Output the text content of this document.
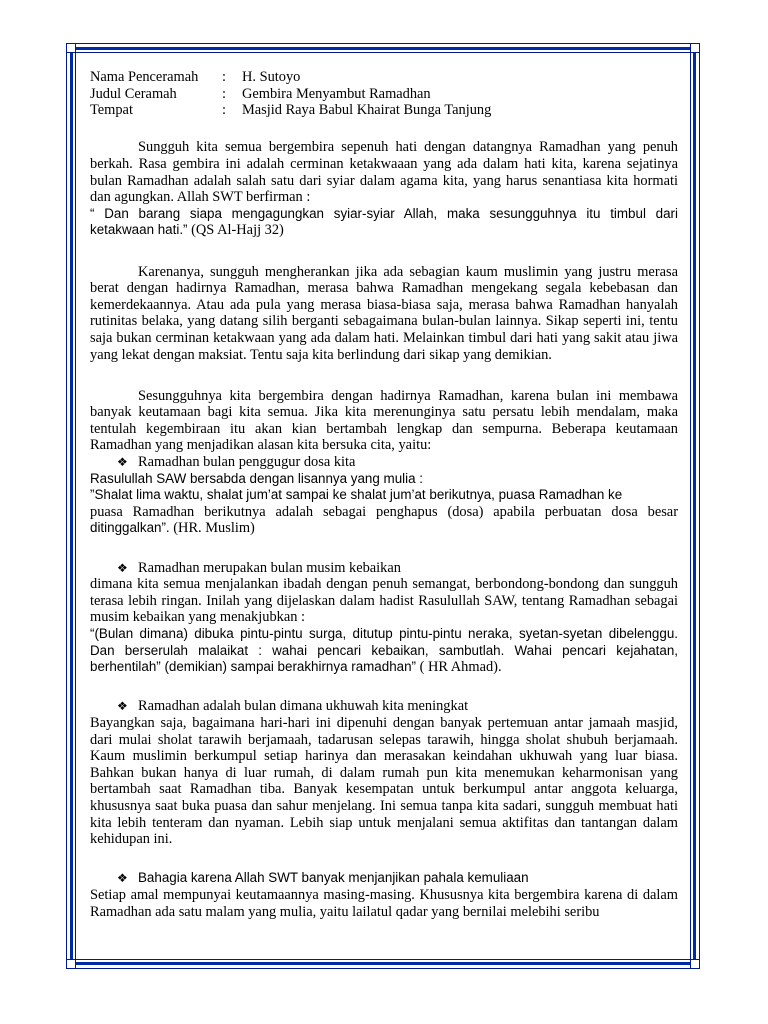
Nama Penceramah	:	H. Sutoyo
Judul Ceramah	:	Gembira Menyambut Ramadhan
Tempat	:	Masjid Raya Babul Khairat Bunga Tanjung

Sungguh kita semua bergembira sepenuh hati dengan datangnya Ramadhan yang penuh berkah. Rasa gembira ini adalah cerminan ketakwaaan yang ada dalam hati kita, karena sejatinya bulan Ramadhan adalah salah satu dari syiar dalam agama kita, yang harus senantiasa kita hormati dan agungkan. Allah SWT berfirman :

“ Dan barang siapa mengagungkan syiar-syiar Allah, maka sesungguhnya itu timbul dari ketakwaan hati.” (QS Al-Hajj 32)

Karenanya, sungguh mengherankan jika ada sebagian kaum muslimin yang justru merasa berat dengan hadirnya Ramadhan, merasa bahwa Ramadhan mengekang segala kebebasan dan kemerdekaannya. Atau ada pula yang merasa biasa-biasa saja, merasa bahwa Ramadhan hanyalah rutinitas belaka, yang datang silih berganti sebagaimana bulan-bulan lainnya. Sikap seperti ini, tentu saja bukan cerminan ketakwaan yang ada dalam hati. Melainkan timbul dari hati yang sakit atau jiwa yang lekat dengan maksiat. Tentu saja kita berlindung dari sikap yang demikian.

Sesungguhnya kita bergembira dengan hadirnya Ramadhan, karena bulan ini membawa banyak keutamaan bagi kita semua. Jika kita merenunginya satu persatu lebih mendalam, maka tentulah kegembiraan itu akan kian bertambah lengkap dan sempurna. Beberapa keutamaan Ramadhan yang menjadikan alasan kita bersuka cita, yaitu:

❖ Ramadhan bulan penggugur dosa kita

Rasulullah SAW bersabda dengan lisannya yang mulia :

”Shalat lima waktu, shalat jum’at sampai ke shalat jum’at berikutnya, puasa Ramadhan ke

puasa Ramadhan berikutnya adalah sebagai penghapus (dosa) apabila perbuatan dosa besar ditinggalkan”. (HR. Muslim)

❖ Ramadhan merupakan bulan musim kebaikan

dimana kita semua menjalankan ibadah dengan penuh semangat, berbondong-bondong dan sungguh terasa lebih ringan. Inilah yang dijelaskan dalam hadist Rasulullah SAW, tentang Ramadhan sebagai musim kebaikan yang menakjubkan :

“(Bulan dimana) dibuka pintu-pintu surga, ditutup pintu-pintu neraka, syetan-syetan dibelenggu. Dan berserulah malaikat : wahai pencari kebaikan, sambutlah. Wahai pencari kejahatan, berhentilah” (demikian) sampai berakhirnya ramadhan” ( HR Ahmad).

❖ Ramadhan adalah bulan dimana ukhuwah kita meningkat

Bayangkan saja, bagaimana hari-hari ini dipenuhi dengan banyak pertemuan antar jamaah masjid, dari mulai sholat tarawih berjamaah, tadarusan selepas tarawih, hingga sholat shubuh berjamaah. Kaum muslimin berkumpul setiap harinya dan merasakan keindahan ukhuwah yang luar biasa. Bahkan bukan hanya di luar rumah, di dalam rumah pun kita menemukan keharmonisan yang bertambah saat Ramadhan tiba. Banyak kesempatan untuk berkumpul antar anggota keluarga, khususnya saat buka puasa dan sahur menjelang. Ini semua tanpa kita sadari, sungguh membuat hati kita lebih tenteram dan nyaman. Lebih siap untuk menjalani semua aktifitas dan tantangan dalam kehidupan ini.

❖ Bahagia karena Allah SWT banyak menjanjikan pahala kemuliaan

Setiap amal mempunyai keutamaannya masing-masing. Khususnya kita bergembira karena di dalam Ramadhan ada satu malam yang mulia, yaitu lailatul qadar yang bernilai melebihi seribu
